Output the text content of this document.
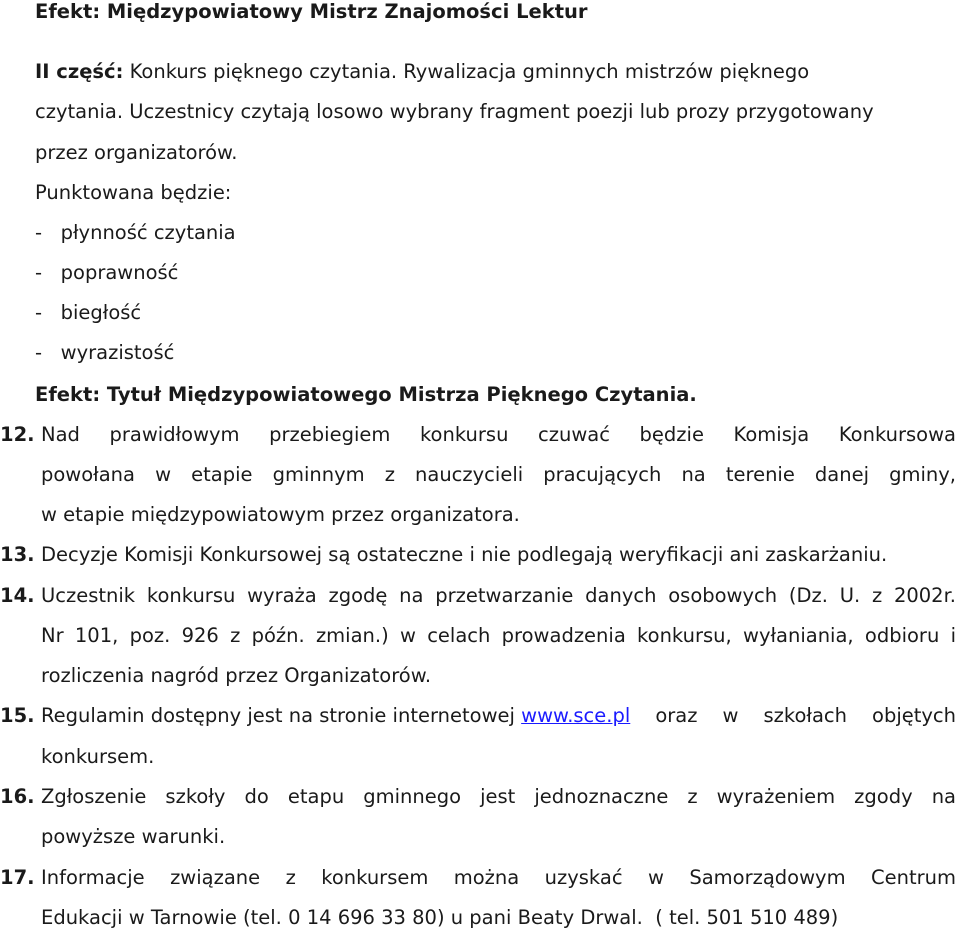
Efekt: Międzypowiatowy Mistrz Znajomości Lektur
II część: Konkurs pięknego czytania. Rywalizacja gminnych mistrzów pięknego
czytania. Uczestnicy czytają losowo wybrany fragment poezji lub prozy przygotowany
przez organizatorów.
Punktowana będzie:
-   płynność czytania
-   poprawność
-   biegłość
-   wyrazistość
Efekt: Tytuł Międzypowiatowego Mistrza Pięknego Czytania.
12. Nad prawidłowym przebiegiem konkursu czuwać będzie Komisja Konkursowa
powołana w etapie gminnym z nauczycieli pracujących na terenie danej gminy,
w etapie międzypowiatowym przez organizatora.
13. Decyzje Komisji Konkursowej są ostateczne i nie podlegają weryfikacji ani zaskarżaniu.
14. Uczestnik konkursu wyraża zgodę na przetwarzanie danych osobowych (Dz. U. z 2002r.
Nr 101, poz. 926 z późn. zmian.) w celach prowadzenia konkursu, wyłaniania, odbioru i
rozliczenia nagród przez Organizatorów.
15. Regulamin dostępny jest na stronie internetowej www.sce.pl oraz w szkołach objętych
konkursem.
16. Zgłoszenie szkoły do etapu gminnego jest jednoznaczne z wyrażeniem zgody na
powyższe warunki.
17. Informacje związane z konkursem można uzyskać w Samorządowym Centrum
Edukacji w Tarnowie (tel. 0 14 696 33 80) u pani Beaty Drwal.  ( tel. 501 510 489)
